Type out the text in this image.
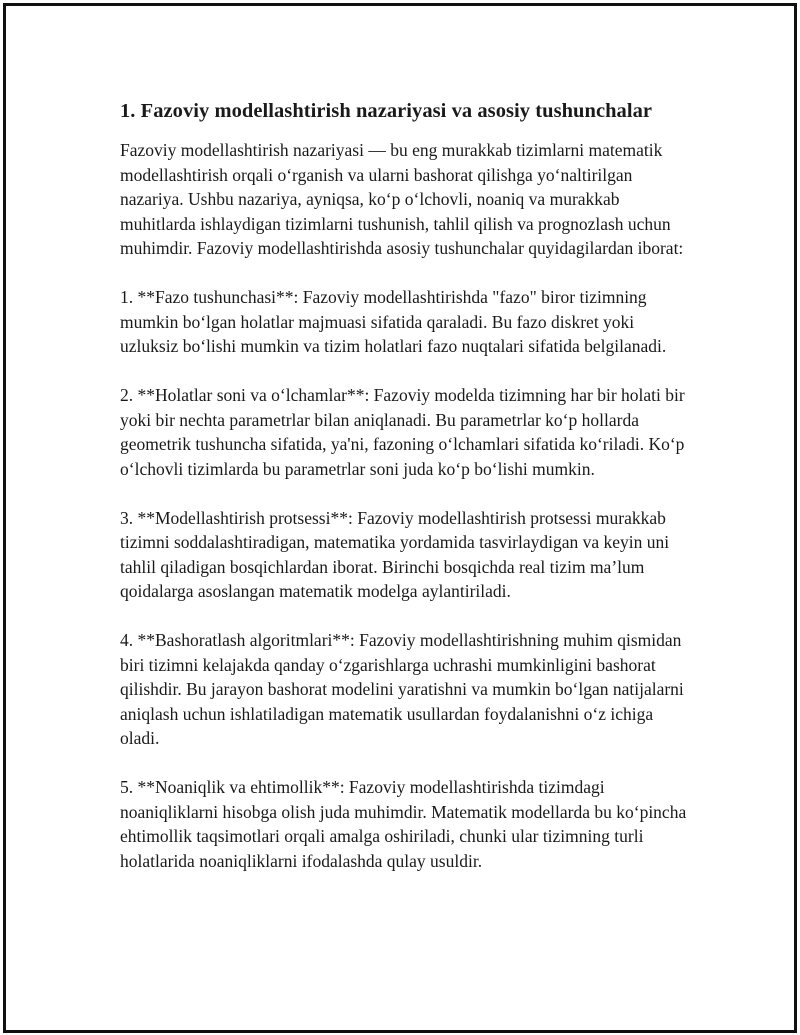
1. Fazoviy modellashtirish nazariyasi va asosiy tushunchalar

Fazoviy modellashtirish nazariyasi — bu eng murakkab tizimlarni matematik modellashtirish orqali o‘rganish va ularni bashorat qilishga yo‘naltirilgan nazariya. Ushbu nazariya, ayniqsa, ko‘p o‘lchovli, noaniq va murakkab muhitlarda ishlaydigan tizimlarni tushunish, tahlil qilish va prognozlash uchun muhimdir. Fazoviy modellashtirishda asosiy tushunchalar quyidagilardan iborat:

1. **Fazo tushunchasi**: Fazoviy modellashtirishda "fazo" biror tizimning mumkin bo‘lgan holatlar majmuasi sifatida qaraladi. Bu fazo diskret yoki uzluksiz bo‘lishi mumkin va tizim holatlari fazo nuqtalari sifatida belgilanadi.

2. **Holatlar soni va o‘lchamlar**: Fazoviy modelda tizimning har bir holati bir yoki bir nechta parametrlar bilan aniqlanadi. Bu parametrlar ko‘p hollarda geometrik tushuncha sifatida, ya'ni, fazoning o‘lchamlari sifatida ko‘riladi. Ko‘p o‘lchovli tizimlarda bu parametrlar soni juda ko‘p bo‘lishi mumkin.

3. **Modellashtirish protsessi**: Fazoviy modellashtirish protsessi murakkab tizimni soddalashtiradigan, matematika yordamida tasvirlaydigan va keyin uni tahlil qiladigan bosqichlardan iborat. Birinchi bosqichda real tizim ma’lum qoidalarga asoslangan matematik modelga aylantiriladi.

4. **Bashoratlash algoritmlari**: Fazoviy modellashtirishning muhim qismidan biri tizimni kelajakda qanday o‘zgarishlarga uchrashi mumkinligini bashorat qilishdir. Bu jarayon bashorat modelini yaratishni va mumkin bo‘lgan natijalarni aniqlash uchun ishlatiladigan matematik usullardan foydalanishni o‘z ichiga oladi.

5. **Noaniqlik va ehtimollik**: Fazoviy modellashtirishda tizimdagi noaniqliklarni hisobga olish juda muhimdir. Matematik modellarda bu ko‘pincha ehtimollik taqsimotlari orqali amalga oshiriladi, chunki ular tizimning turli holatlarida noaniqliklarni ifodalashda qulay usuldir.
